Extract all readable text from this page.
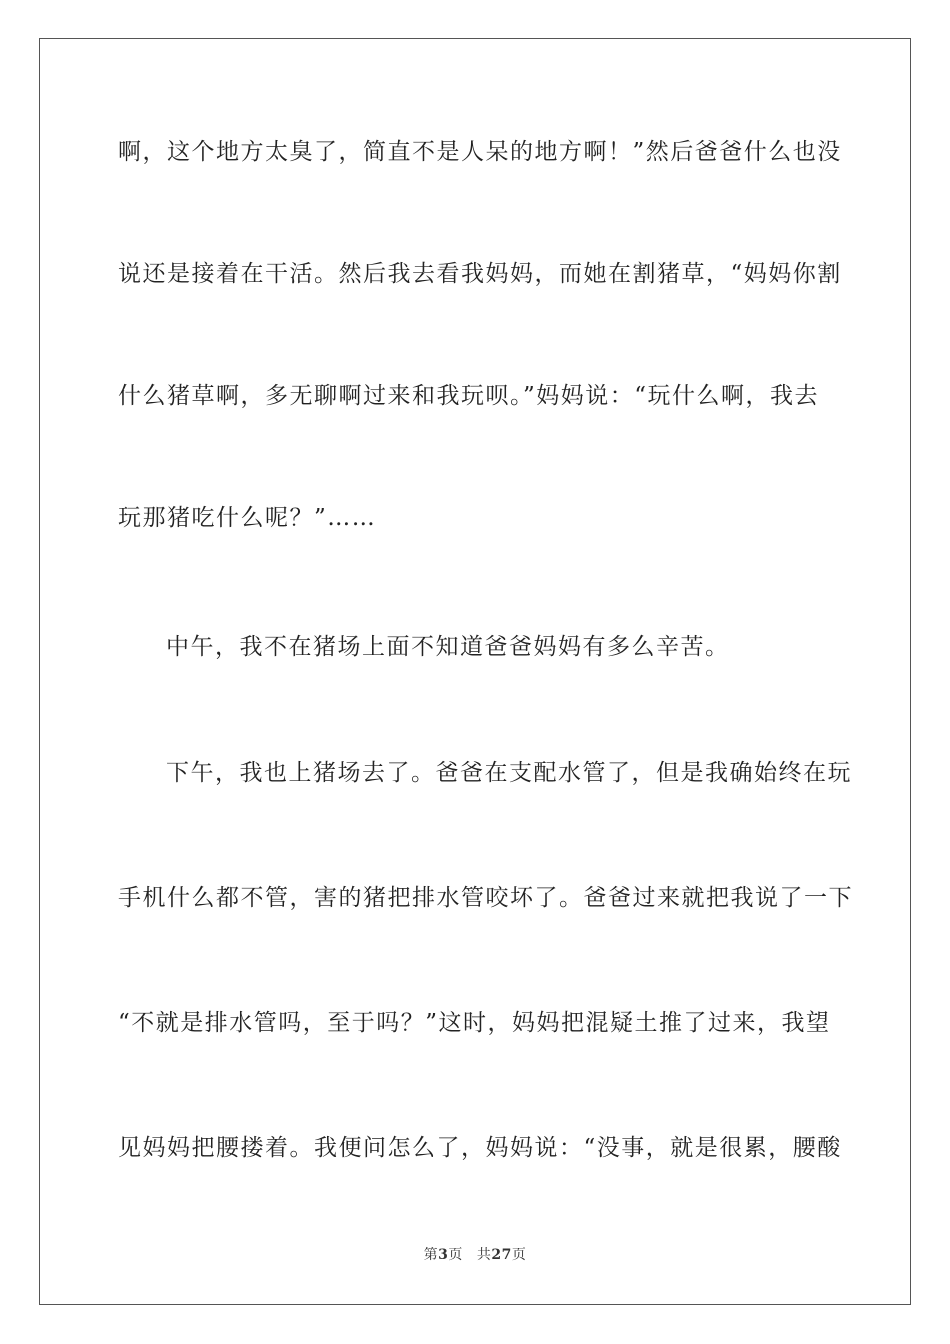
啊，这个地方太臭了，简直不是人呆的地方啊！”然后爸爸什么也没
说还是接着在干活。然后我去看我妈妈，而她在割猪草，“妈妈你割
什么猪草啊，多无聊啊过来和我玩呗。”妈妈说：“玩什么啊，我去
玩那猪吃什么呢？”……
中午，我不在猪场上面不知道爸爸妈妈有多么辛苦。
下午，我也上猪场去了。爸爸在支配水管了，但是我确始终在玩
手机什么都不管，害的猪把排水管咬坏了。爸爸过来就把我说了一下
“不就是排水管吗，至于吗？”这时，妈妈把混疑土推了过来，我望
见妈妈把腰搂着。我便问怎么了，妈妈说：“没事，就是很累，腰酸
第3页 共27页
